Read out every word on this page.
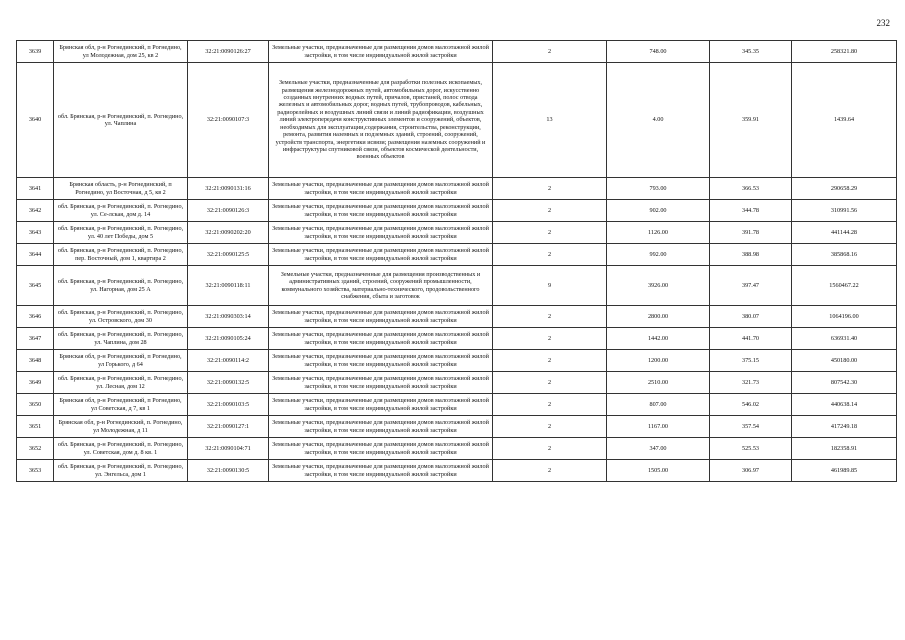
232
3639	Брянская обл, р-н Рогнединский, п Рогнедино, ул Молодежная, дом 25, кв 2	32:21:0090126:27	Земельные участки, предназначенные для размещения домов малоэтажной жилой застройки, в том числе индивидуальной жилой застройки	2	748.00	345.35	258321.80
3640	обл. Брянская, р-н Рогнединский, п. Рогнедино, ул. Чаплина	32:21:0090107:3	Земельные участки, предназначенные для разработки полезных ископаемых, размещения железнодорожных путей, автомобильных дорог, искусственно созданных внутренних водных путей, причалов, пристаней, полос отвода железных и автомобильных дорог, водных путей, трубопроводов, кабельных, радиорелейных и воздушных линий связи и линий радиофикации, воздушных линий электропередачи конструктивных элементов и сооружений, объектов, необходимых для эксплуатации,содержания, строительства, реконструкции, ремонта, развития наземных и подземных зданий, строений, сооружений, устройств транспорта, энергетики исвязи; размещения наземных сооружений и инфраструктуры спутниковой связи, объектов космической деятельности, военных объектов	13	4.00	359.91	1439.64
3641	Брянская область, р-н Рогнединский, п Рогнедино, ул Восточная, д 5, кв 2	32:21:0090131:16	Земельные участки, предназначенные для размещения домов малоэтажной жилой застройки, в том числе индивидуальной жилой застройки	2	793.00	366.53	290658.29
3642	обл. Брянская, р-н Рогнединский, п. Рогнедино, ул. Се-лская, дом д. 14	32:21:0090126:3	Земельные участки, предназначенные для размещения домов малоэтажной жилой застройки, в том числе индивидуальной жилой застройки	2	902.00	344.78	310991.56
3643	обл. Брянская, р-н Рогнединский, п. Рогнедино, ул. 40 лет Победы, дом 5	32:21:0090202:20	Земельные участки, предназначенные для размещения домов малоэтажной жилой застройки, в том числе индивидуальной жилой застройки	2	1126.00	391.78	441144.28
3644	обл. Брянская, р-н Рогнединский, п. Рогнедино, пер. Восточный, дом 1, квартира 2	32:21:0090125:5	Земельные участки, предназначенные для размещения домов малоэтажной жилой застройки, в том числе индивидуальной жилой застройки	2	992.00	388.98	385868.16
3645	обл. Брянская, р-н Рогнединский, п. Рогнедино, ул. Нагорная, дом 25 А	32:21:0090118:11	Земельные участки, предназначенные для размещения производственных и административных зданий, строений, сооружений промышленности, коммунального хозяйства, материально-технического, продовольственного снабжения, сбыта и заготовок	9	3926.00	397.47	1560467.22
3646	обл. Брянская, р-н Рогнединский, п. Рогнедино, ул. Островского, дом 30	32:21:0090303:14	Земельные участки, предназначенные для размещения домов малоэтажной жилой застройки, в том числе индивидуальной жилой застройки	2	2800.00	380.07	1064196.00
3647	обл. Брянская, р-н Рогнединский, п. Рогнедино, ул. Чаплина, дом 28	32:21:0090105:24	Земельные участки, предназначенные для размещения домов малоэтажной жилой застройки, в том числе индивидуальной жилой застройки	2	1442.00	441.70	636931.40
3648	Брянская обл, р-н Рогнединский, п Рогнедино, ул Горького, д 64	32:21:0090114:2	Земельные участки, предназначенные для размещения домов малоэтажной жилой застройки, в том числе индивидуальной жилой застройки	2	1200.00	375.15	450180.00
3649	обл. Брянская, р-н Рогнединский, п. Рогнедино, ул. Лесная, дом 12	32:21:0090132:5	Земельные участки, предназначенные для размещения домов малоэтажной жилой застройки, в том числе индивидуальной жилой застройки	2	2510.00	321.73	807542.30
3650	Брянская обл, р-н Рогнединский, п Рогнедино, ул Советская, д 7, кв 1	32:21:0090103:5	Земельные участки, предназначенные для размещения домов малоэтажной жилой застройки, в том числе индивидуальной жилой застройки	2	807.00	546.02	440638.14
3651	Брянская обл, р-н Рогнединский, п. Рогнедино, ул Молодежная, д 11	32:21:0090127:1	Земельные участки, предназначенные для размещения домов малоэтажной жилой застройки, в том числе индивидуальной жилой застройки	2	1167.00	357.54	417249.18
3652	обл. Брянская, р-н Рогнединский, п. Рогнедино, ул. Советская, дом д. 8 кв. 1	32:21:0090104:71	Земельные участки, предназначенные для размещения домов малоэтажной жилой застройки, в том числе индивидуальной жилой застройки	2	347.00	525.53	182358.91
3653	обл. Брянская, р-н Рогнединский, п. Рогнедино, ул. Энгельса, дом 1	32:21:0090130:5	Земельные участки, предназначенные для размещения домов малоэтажной жилой застройки, в том числе индивидуальной жилой застройки	2	1505.00	306.97	461989.85
